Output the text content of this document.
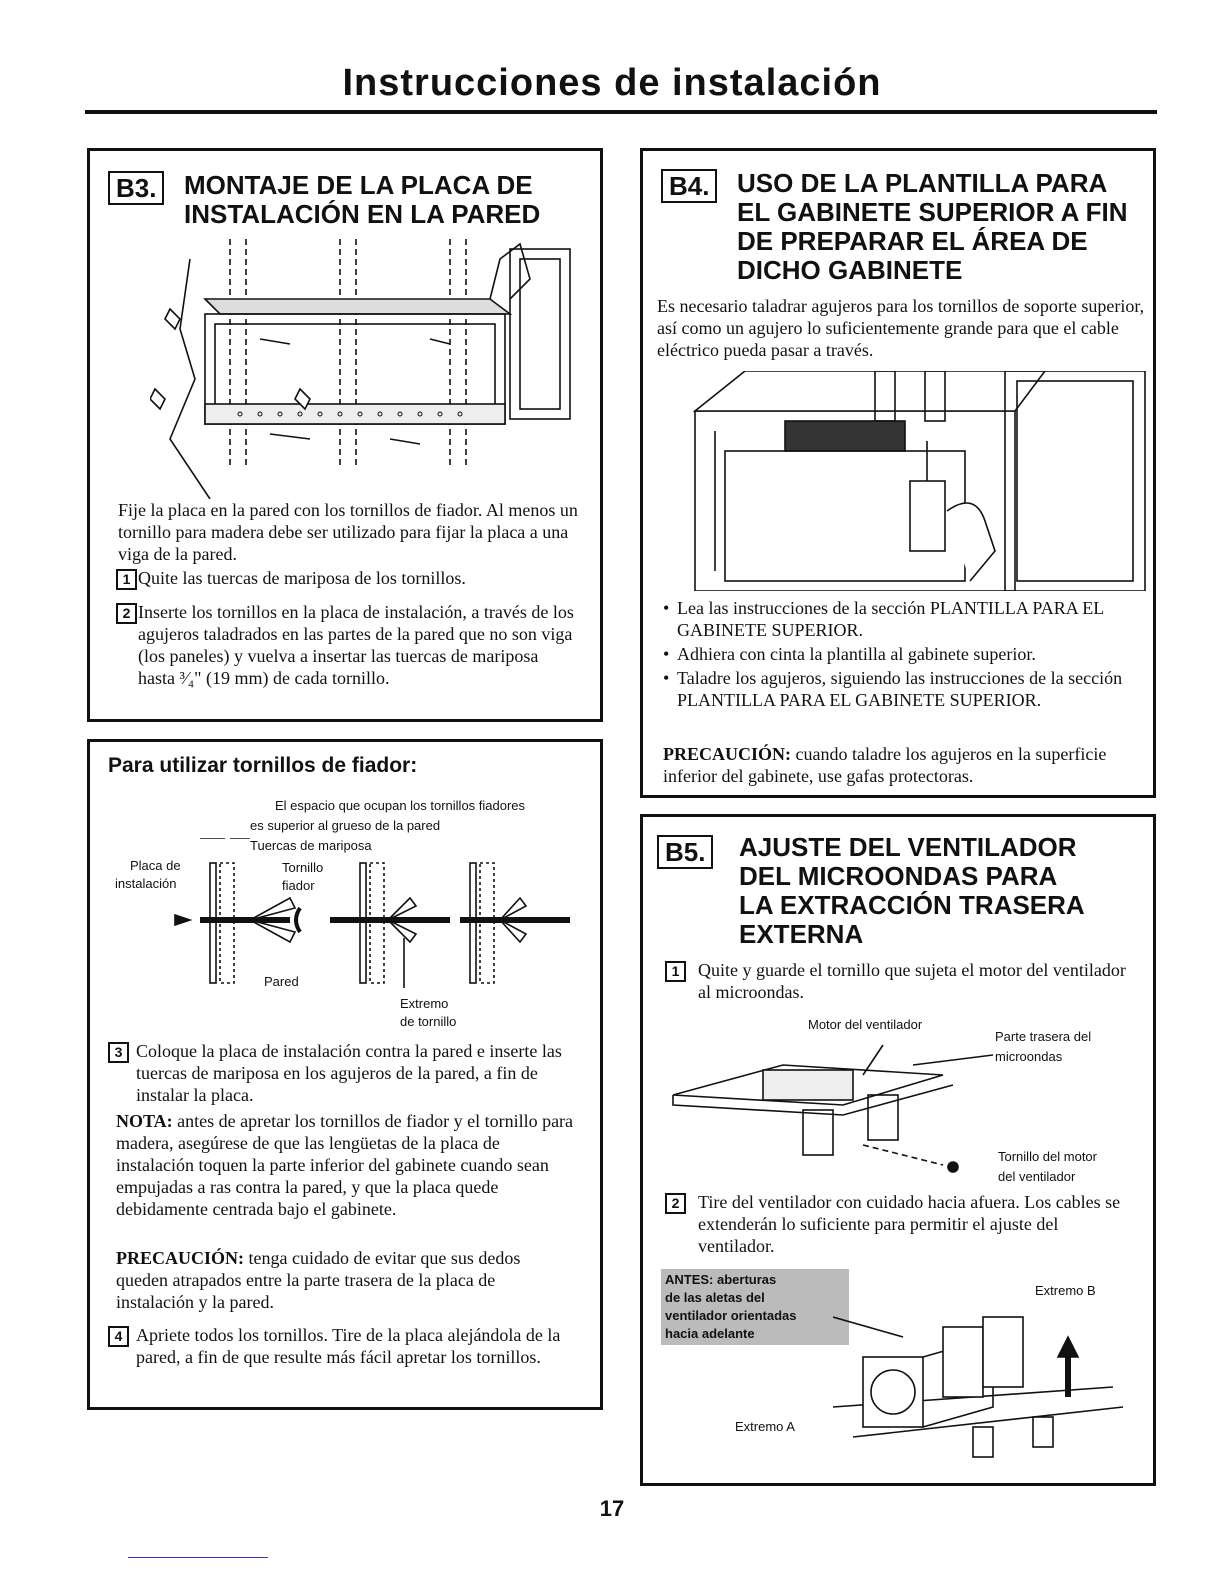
Instrucciones de instalación
B3.	MONTAJE DE LA PLACA DE
INSTALACIÓN EN LA PARED
Fije la placa en la pared con los tornillos de fiador. Al menos un tornillo para madera debe ser utilizado para fijar la placa a una viga de la pared.
1 Quite las tuercas de mariposa de los tornillos.
2 Inserte los tornillos en la placa de instalación, a través de los agujeros taladrados en las partes de la pared que no son viga (los paneles) y vuelva a insertar las tuercas de mariposa hasta ³⁄₄" (19 mm) de cada tornillo.
Para utilizar tornillos de fiador:
El espacio que ocupan los tornillos fiadores
es superior al grueso de la pared
Tuercas de mariposa
Placa de
instalación
Tornillo
fiador
Pared
Extremo
de tornillo
3 Coloque la placa de instalación contra la pared e inserte las tuercas de mariposa en los agujeros de la pared, a fin de instalar la placa.
NOTA: antes de apretar los tornillos de fiador y el tornillo para madera, asegúrese de que las lengüetas de la placa de instalación toquen la parte inferior del gabinete cuando sean empujadas a ras contra la pared, y que la placa quede debidamente centrada bajo el gabinete.
PRECAUCIÓN: tenga cuidado de evitar que sus dedos queden atrapados entre la parte trasera de la placa de instalación y la pared.
4 Apriete todos los tornillos. Tire de la placa alejándola de la pared, a fin de que resulte más fácil apretar los tornillos.
B4.	USO DE LA PLANTILLA PARA
EL GABINETE SUPERIOR A FIN
DE PREPARAR EL ÁREA DE
DICHO GABINETE
Es necesario taladrar agujeros para los tornillos de soporte superior, así como un agujero lo suficientemente grande para que el cable eléctrico pueda pasar a través.
• Lea las instrucciones de la sección PLANTILLA PARA EL GABINETE SUPERIOR.
• Adhiera con cinta la plantilla al gabinete superior.
• Taladre los agujeros, siguiendo las instrucciones de la sección PLANTILLA PARA EL GABINETE SUPERIOR.
PRECAUCIÓN: cuando taladre los agujeros en la superficie inferior del gabinete, use gafas protectoras.
B5.	AJUSTE DEL VENTILADOR
DEL MICROONDAS PARA
LA EXTRACCIÓN TRASERA
EXTERNA
1	Quite y guarde el tornillo que sujeta el motor del ventilador al microondas.
Motor del ventilador
Parte trasera del
microondas
Tornillo del motor
del ventilador
2	Tire del ventilador con cuidado hacia afuera. Los cables se extenderán lo suficiente para permitir el ajuste del ventilador.
ANTES: aberturas
de las aletas del
ventilador orientadas
hacia adelante
Extremo B
Extremo A
17
